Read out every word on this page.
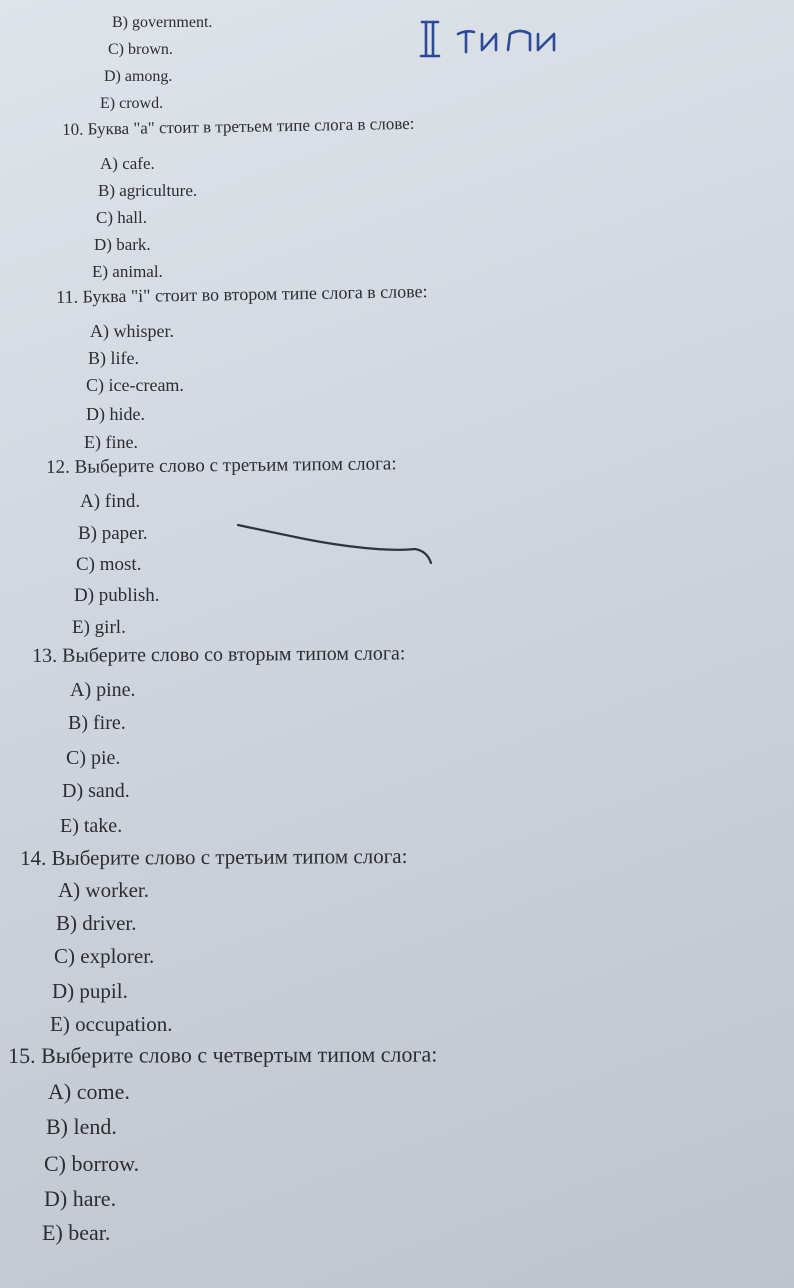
B) government.
C) brown.
D) among.
E) crowd.
10. Буква "a" стоит в третьем типе слога в слове:
A) cafe.
B) agriculture.
C) hall.
D) bark.
E) animal.
11. Буква "i" стоит во втором типе слога в слове:
A) whisper.
B) life.
C) ice-cream.
D) hide.
E) fine.
12. Выберите слово с третьим типом слога:
A) find.
B) paper.
C) most.
D) publish.
E) girl.
13. Выберите слово со вторым типом слога:
A) pine.
B) fire.
C) pie.
D) sand.
E) take.
14. Выберите слово с третьим типом слога:
A) worker.
B) driver.
C) explorer.
D) pupil.
E) occupation.
15. Выберите слово с четвертым типом слога:
A) come.
B) lend.
C) borrow.
D) hare.
E) bear.
